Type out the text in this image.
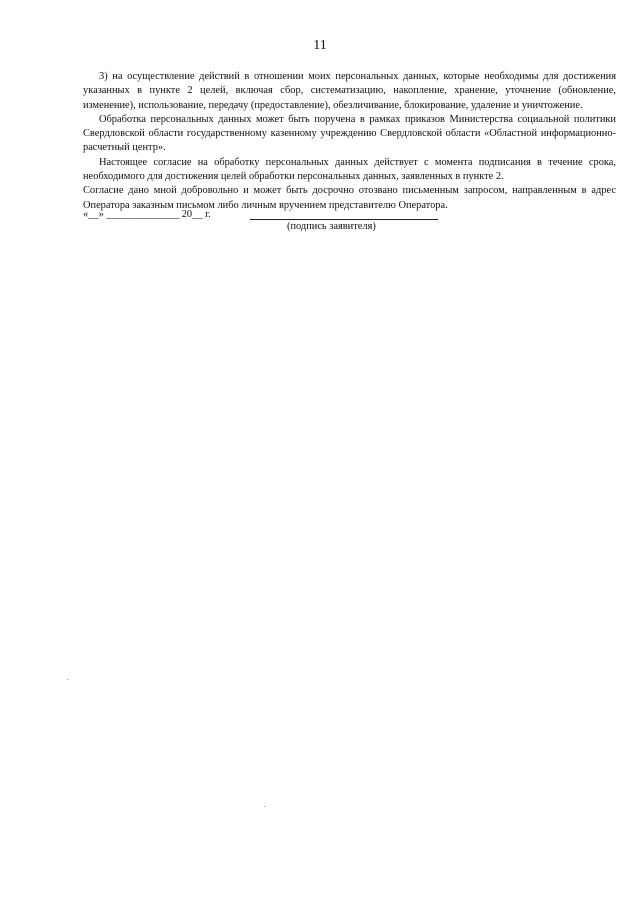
11

3) на осуществление действий в отношении моих персональных данных, которые необходимы для достижения указанных в пункте 2 целей, включая сбор, систематизацию, накопление, хранение, уточнение (обновление, изменение), использование, передачу (предоставление), обезличивание, блокирование, удаление и уничтожение.

Обработка персональных данных может быть поручена в рамках приказов Министерства социальной политики Свердловской области государственному казенному учреждению Свердловской области «Областной информационно-расчетный центр».

Настоящее согласие на обработку персональных данных действует с момента подписания в течение срока, необходимого для достижения целей обработки персональных данных, заявленных в пункте 2.

Согласие дано мной добровольно и может быть досрочно отозвано письменным запросом, направленным в адрес Оператора заказным письмом либо личным вручением представителю Оператора.

«__» ______________ 20__ г.
(подпись заявителя)
